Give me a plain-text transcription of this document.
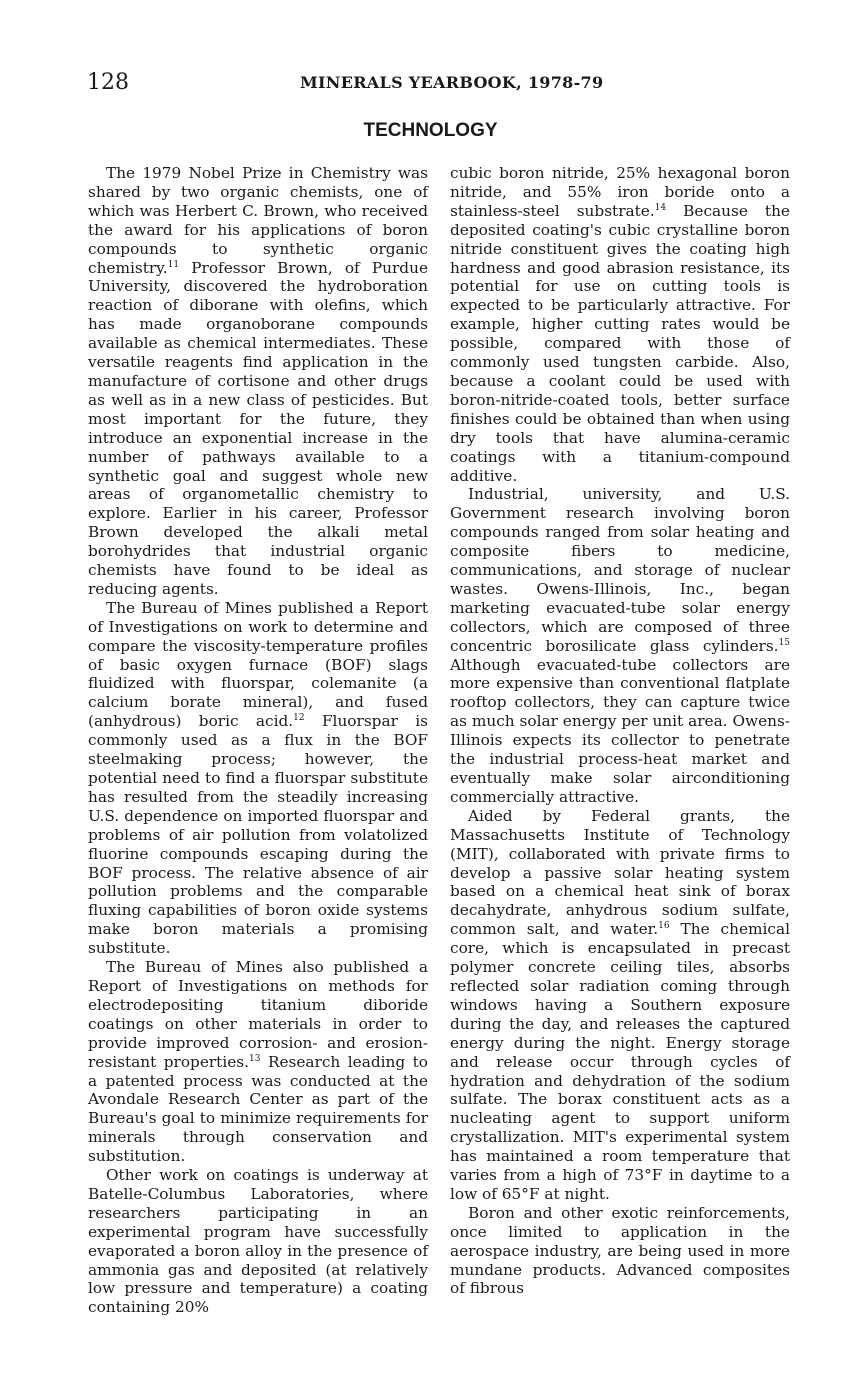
128	MINERALS YEARBOOK, 1978-79
TECHNOLOGY

The 1979 Nobel Prize in Chemistry was shared by two organic chemists, one of which was Herbert C. Brown, who received the award for his applications of boron compounds to synthetic organic chemistry.$^{11}$ Professor Brown, of Purdue University, discovered the hydroboration reaction of diborane with olefins, which has made organoborane compounds available as chemical intermediates. These versatile reagents find application in the manufacture of cortisone and other drugs as well as in a new class of pesticides. But most important for the future, they introduce an exponential increase in the number of pathways available to a synthetic goal and suggest whole new areas of organometallic chemistry to explore. Earlier in his career, Professor Brown developed the alkali metal borohydrides that industrial organic chemists have found to be ideal as reducing agents.

The Bureau of Mines published a Report of Investigations on work to determine and compare the viscosity-temperature profiles of basic oxygen furnace (BOF) slags fluidized with fluorspar, colemanite (a calcium borate mineral), and fused (anhydrous) boric acid.$^{12}$ Fluorspar is commonly used as a flux in the BOF steelmaking process; however, the potential need to find a fluorspar substitute has resulted from the steadily increasing U.S. dependence on imported fluorspar and problems of air pollution from volatolized fluorine compounds escaping during the BOF process. The relative absence of air pollution problems and the comparable fluxing capabilities of boron oxide systems make boron materials a promising substitute.

The Bureau of Mines also published a Report of Investigations on methods for electrodepositing titanium diboride coatings on other materials in order to provide improved corrosion- and erosion-resistant properties.$^{13}$ Research leading to a patented process was conducted at the Avondale Research Center as part of the Bureau's goal to minimize requirements for minerals through conservation and substitution.

Other work on coatings is underway at Batelle-Columbus Laboratories, where researchers participating in an experimental program have successfully evaporated a boron alloy in the presence of ammonia gas and deposited (at relatively low pressure and temperature) a coating containing 20%

cubic boron nitride, 25% hexagonal boron nitride, and 55% iron boride onto a stainless-steel substrate.$^{14}$ Because the deposited coating's cubic crystalline boron nitride constituent gives the coating high hardness and good abrasion resistance, its potential for use on cutting tools is expected to be particularly attractive. For example, higher cutting rates would be possible, compared with those of commonly used tungsten carbide. Also, because a coolant could be used with boron-nitride-coated tools, better surface finishes could be obtained than when using dry tools that have alumina-ceramic coatings with a titanium-compound additive.

Industrial, university, and U.S. Government research involving boron compounds ranged from solar heating and composite fibers to medicine, communications, and storage of nuclear wastes. Owens-Illinois, Inc., began marketing evacuated-tube solar energy collectors, which are composed of three concentric borosilicate glass cylinders.$^{15}$ Although evacuated-tube collectors are more expensive than conventional flatplate rooftop collectors, they can capture twice as much solar energy per unit area. Owens-Illinois expects its collector to penetrate the industrial process-heat market and eventually make solar airconditioning commercially attractive.

Aided by Federal grants, the Massachusetts Institute of Technology (MIT), collaborated with private firms to develop a passive solar heating system based on a chemical heat sink of borax decahydrate, anhydrous sodium sulfate, common salt, and water.$^{16}$ The chemical core, which is encapsulated in precast polymer concrete ceiling tiles, absorbs reflected solar radiation coming through windows having a Southern exposure during the day, and releases the captured energy during the night. Energy storage and release occur through cycles of hydration and dehydration of the sodium sulfate. The borax constituent acts as a nucleating agent to support uniform crystallization. MIT's experimental system has maintained a room temperature that varies from a high of 73°F in daytime to a low of 65°F at night.

Boron and other exotic reinforcements, once limited to application in the aerospace industry, are being used in more mundane products. Advanced composites of fibrous
